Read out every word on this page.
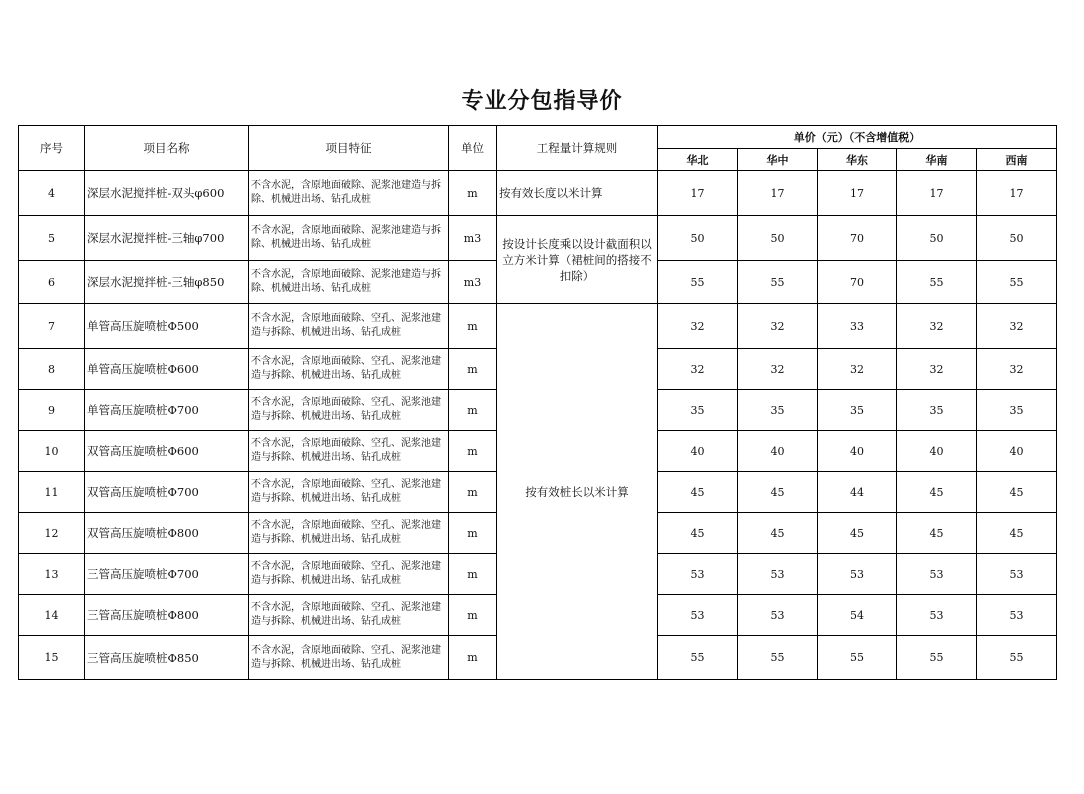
专业分包指导价
序号	项目名称	项目特征	单位	工程量计算规则	单价（元）（不含增值税）				
					华北	华中	华东	华南	西南
4	深层水泥搅拌桩-双头φ600	不含水泥，含原地面破除、泥浆池建造与拆除、机械进出场、钻孔成桩	m	按有效长度以米计算	17	17	17	17	17
5	深层水泥搅拌桩-三轴φ700	不含水泥，含原地面破除、泥浆池建造与拆除、机械进出场、钻孔成桩	m3	按设计长度乘以设计截面积以立方米计算（裙桩间的搭接不扣除）	50	50	70	50	50
6	深层水泥搅拌桩-三轴φ850	不含水泥，含原地面破除、泥浆池建造与拆除、机械进出场、钻孔成桩	m3		55	55	70	55	55
7	单管高压旋喷桩Φ500	不含水泥，含原地面破除、空孔、泥浆池建造与拆除、机械进出场、钻孔成桩	m	按有效桩长以米计算	32	32	33	32	32
8	单管高压旋喷桩Φ600	不含水泥，含原地面破除、空孔、泥浆池建造与拆除、机械进出场、钻孔成桩	m		32	32	32	32	32
9	单管高压旋喷桩Φ700	不含水泥，含原地面破除、空孔、泥浆池建造与拆除、机械进出场、钻孔成桩	m		35	35	35	35	35
10	双管高压旋喷桩Φ600	不含水泥，含原地面破除、空孔、泥浆池建造与拆除、机械进出场、钻孔成桩	m		40	40	40	40	40
11	双管高压旋喷桩Φ700	不含水泥，含原地面破除、空孔、泥浆池建造与拆除、机械进出场、钻孔成桩	m		45	45	44	45	45
12	双管高压旋喷桩Φ800	不含水泥，含原地面破除、空孔、泥浆池建造与拆除、机械进出场、钻孔成桩	m		45	45	45	45	45
13	三管高压旋喷桩Φ700	不含水泥，含原地面破除、空孔、泥浆池建造与拆除、机械进出场、钻孔成桩	m		53	53	53	53	53
14	三管高压旋喷桩Φ800	不含水泥，含原地面破除、空孔、泥浆池建造与拆除、机械进出场、钻孔成桩	m		53	53	54	53	53
15	三管高压旋喷桩Φ850	不含水泥，含原地面破除、空孔、泥浆池建造与拆除、机械进出场、钻孔成桩	m		55	55	55	55	55
